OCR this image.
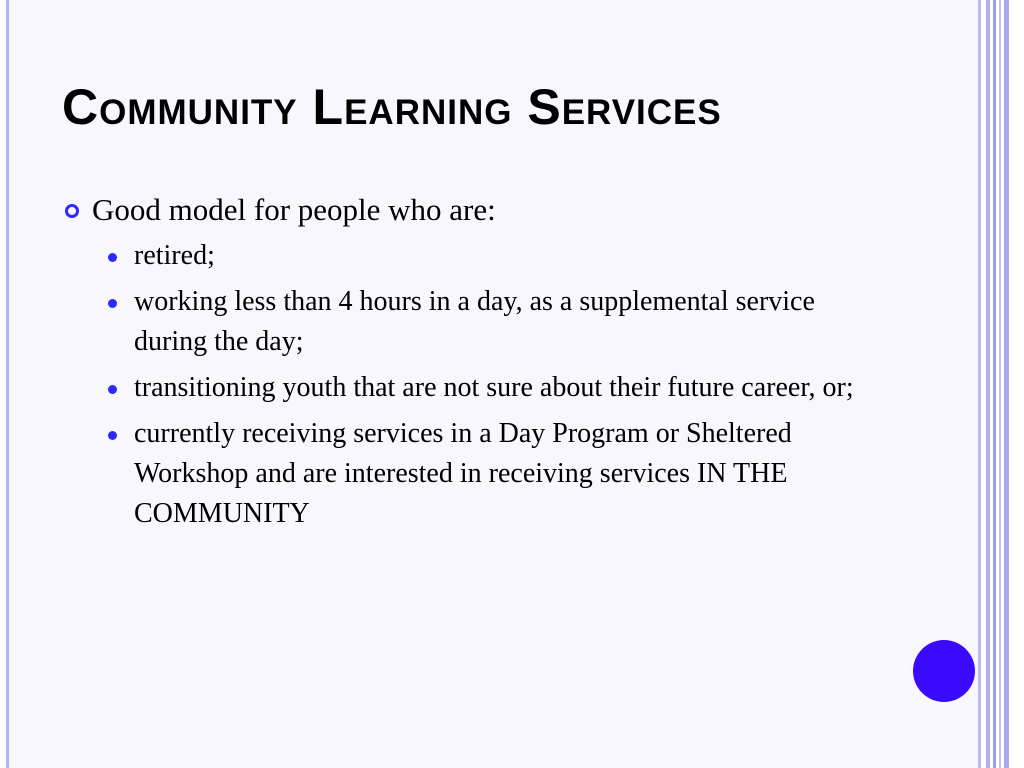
Community Learning Services
Good model for people who are:
retired;
working less than 4 hours in a day, as a supplemental service during the day;
transitioning youth that are not sure about their future career, or;
currently receiving services in a Day Program or Sheltered Workshop and are interested in receiving services IN THE COMMUNITY
